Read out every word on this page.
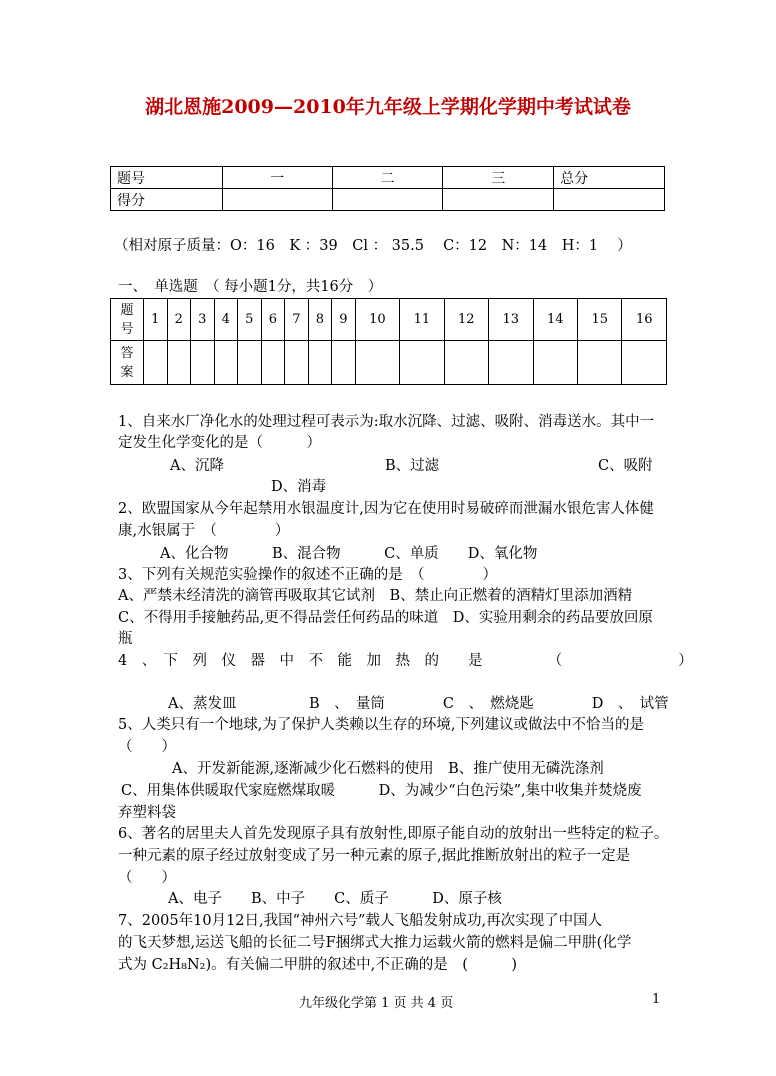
湖北恩施2009—2010年九年级上学期化学期中考试试卷
题号	一	二	三	总分
得分				
（相对原子质量：O：16　K ：39　Cl ： 35.5　 C：12　N：14　H：1　 ）
一、　单选题　（ 每小题1分，共16分　）
题
号	1	2	3	4	5	6	7	8	9	10	11	12	13	14	15	16

答
案																

1、自来水厂净化水的处理过程可表示为:取水沉降、过滤、吸附、消毒送水。其中一
定发生化学变化的是（　　　）
A、沉降	B、过滤	C、吸附
D、消毒
2、欧盟国家从今年起禁用水银温度计,因为它在使用时易破碎而泄漏水银危害人体健
康,水银属于　（　　　　）
A、化合物　　　B、混合物　　　C、单质　　D、氧化物
3、下列有关规范实验操作的叙述不正确的是　（　　　　）
A、严禁未经清洗的滴管再吸取其它试剂　B、禁止向正燃着的酒精灯里添加酒精
C、不得用手接触药品,更不得品尝任何药品的味道　D、实验用剩余的药品要放回原
瓶
4　、　下　列　仪　器　中　不　能　加　热　的　　是　　　　　（　　　　　　　　）
A、蒸发皿　　　　　B　、　量筒　　　　C　、　燃烧匙　　　　D　、　试管
5、人类只有一个地球,为了保护人类赖以生存的环境,下列建议或做法中不恰当的是
（　　）
A、开发新能源,逐渐减少化石燃料的使用　B、推广使用无磷洗涤剂
C、用集体供暖取代家庭燃煤取暖　　　D、为减少“白色污染”,集中收集并焚烧废
弃塑料袋
6、著名的居里夫人首先发现原子具有放射性,即原子能自动的放射出一些特定的粒子。
一种元素的原子经过放射变成了另一种元素的原子,据此推断放射出的粒子一定是
（　　）
A、电子　　B、中子　　C、质子　　　D、原子核
7、2005年10月12日,我国“神州六号”载人飞船发射成功,再次实现了中国人
的飞天梦想,运送飞船的长征二号F捆绑式大推力运载火箭的燃料是偏二甲肼(化学
式为 C₂H₈N₂)。有关偏二甲肼的叙述中,不正确的是　(　　　)
九年级化学第 1 页 共 4 页	1
